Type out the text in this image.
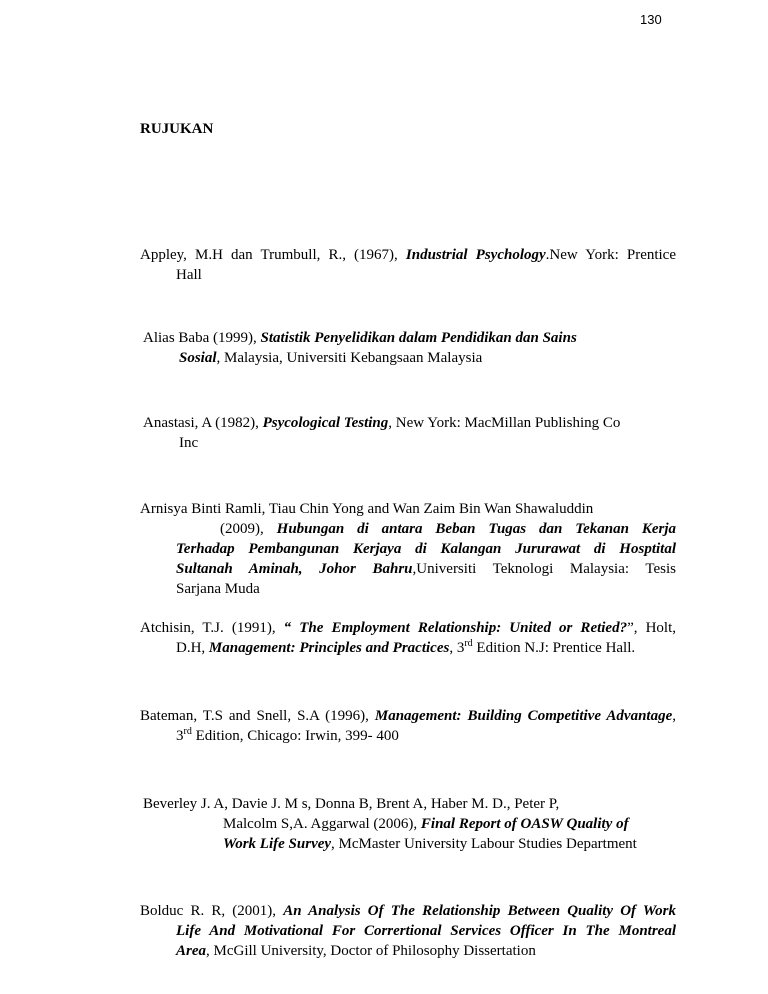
130
RUJUKAN
Appley, M.H dan Trumbull, R., (1967), Industrial Psychology.New York: Prentice
Hall
Alias Baba (1999), Statistik Penyelidikan dalam Pendidikan dan Sains
Sosial, Malaysia, Universiti Kebangsaan Malaysia
Anastasi, A (1982), Psycological Testing, New York: MacMillan Publishing Co
Inc
Arnisya Binti Ramli, Tiau Chin Yong and Wan Zaim Bin Wan Shawaluddin
(2009), Hubungan di antara Beban Tugas dan Tekanan Kerja
Terhadap Pembangunan Kerjaya di Kalangan Jururawat di Hosptital
Sultanah Aminah, Johor Bahru,Universiti Teknologi Malaysia: Tesis
Sarjana Muda
Atchisin, T.J. (1991), “ The Employment Relationship: United or Retied?”, Holt,
D.H, Management: Principles and Practices, 3rd Edition N.J: Prentice Hall.
Bateman, T.S and Snell, S.A (1996), Management: Building Competitive Advantage,
3rd Edition, Chicago: Irwin, 399- 400
Beverley J. A, Davie J. M s, Donna B, Brent A, Haber M. D., Peter P,
Malcolm S,A. Aggarwal (2006), Final Report of OASW Quality of
Work Life Survey, McMaster University Labour Studies Department
Bolduc R. R, (2001), An Analysis Of The Relationship Between Quality Of Work
Life And Motivational For Corrertional Services Officer In The Montreal
Area, McGill University, Doctor of Philosophy Dissertation
